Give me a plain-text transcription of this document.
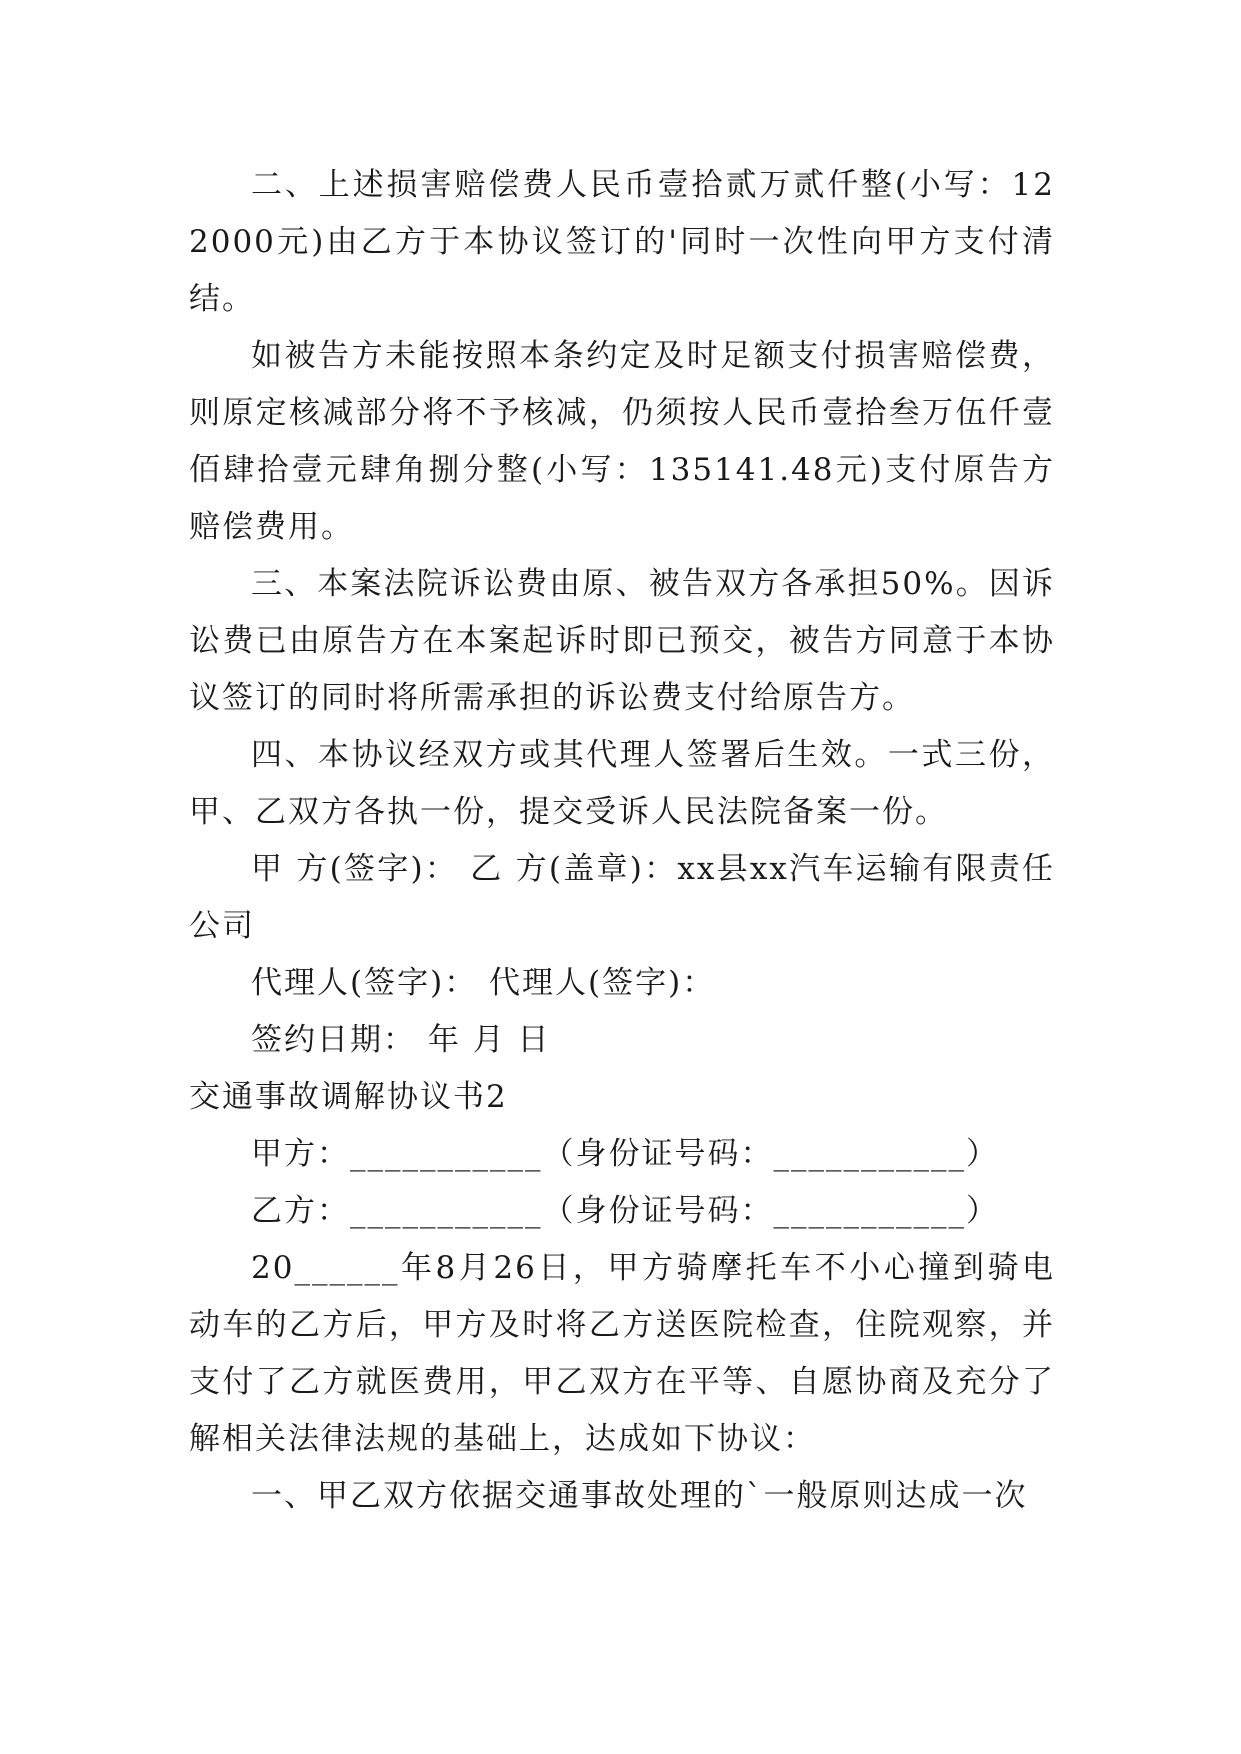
二、上述损害赔偿费人民币壹拾贰万贰仟整(小写：122000元)由乙方于本协议签订的'同时一次性向甲方支付清结。

如被告方未能按照本条约定及时足额支付损害赔偿费，则原定核减部分将不予核减，仍须按人民币壹拾叁万伍仟壹佰肆拾壹元肆角捌分整(小写：135141.48元)支付原告方赔偿费用。

三、本案法院诉讼费由原、被告双方各承担50%。因诉讼费已由原告方在本案起诉时即已预交，被告方同意于本协议签订的同时将所需承担的诉讼费支付给原告方。

四、本协议经双方或其代理人签署后生效。一式三份，甲、乙双方各执一份，提交受诉人民法院备案一份。

甲 方(签字)： 乙 方(盖章)：xx县xx汽车运输有限责任公司

代理人(签字)： 代理人(签字)：

签约日期： 年 月 日

交通事故调解协议书2

甲方：___________（身份证号码：___________）

乙方：___________（身份证号码：___________）

20______年8月26日，甲方骑摩托车不小心撞到骑电动车的乙方后，甲方及时将乙方送医院检查，住院观察，并支付了乙方就医费用，甲乙双方在平等、自愿协商及充分了解相关法律法规的基础上，达成如下协议：

一、甲乙双方依据交通事故处理的`一般原则达成一次
